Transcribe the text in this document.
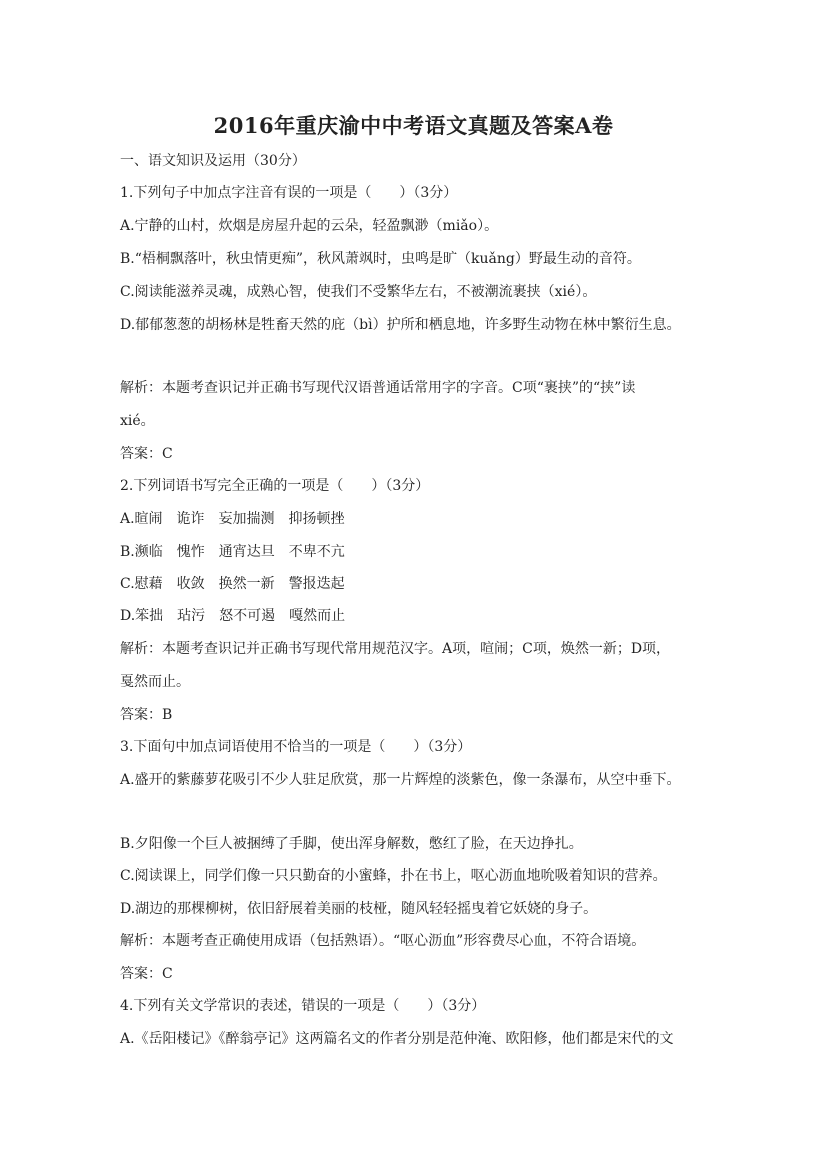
2016年重庆渝中中考语文真题及答案A卷
一、语文知识及运用（30分）
1.下列句子中加点字注音有误的一项是（　　）（3分）
A.宁静的山村，炊烟是房屋升起的云朵，轻盈飘渺（miǎo）。
B.“梧桐飘落叶，秋虫情更痴”，秋风萧飒时，虫鸣是旷（kuǎng）野最生动的音符。
C.阅读能滋养灵魂，成熟心智，使我们不受繁华左右，不被潮流裹挟（xié）。
D.郁郁葱葱的胡杨林是牲畜天然的庇（bì）护所和栖息地，许多野生动物在林中繁衍生息。
解析：本题考查识记并正确书写现代汉语普通话常用字的字音。C项“裹挟”的“挟”读
xié。
答案：C
2.下列词语书写完全正确的一项是（　　）（3分）
A.暄闹　诡诈　妄加揣测　抑扬顿挫
B.濒临　愧怍　通宵达旦　不卑不亢
C.慰藉　收敛　换然一新　警报迭起
D.笨拙　玷污　怒不可遏　嘎然而止
解析：本题考查识记并正确书写现代常用规范汉字。A项，喧闹；C项，焕然一新；D项，
戛然而止。
答案：B
3.下面句中加点词语使用不恰当的一项是（　　）（3分）
A.盛开的紫藤萝花吸引不少人驻足欣赏，那一片辉煌的淡紫色，像一条瀑布，从空中垂下。
B.夕阳像一个巨人被捆缚了手脚，使出浑身解数，憋红了脸，在天边挣扎。
C.阅读课上，同学们像一只只勤奋的小蜜蜂，扑在书上，呕心沥血地吮吸着知识的营养。
D.湖边的那棵柳树，依旧舒展着美丽的枝桠，随风轻轻摇曳着它妖娆的身子。
解析：本题考查正确使用成语（包括熟语）。“呕心沥血”形容费尽心血，不符合语境。
答案：C
4.下列有关文学常识的表述，错误的一项是（　　）（3分）
A.《岳阳楼记》《醉翁亭记》这两篇名文的作者分别是范仲淹、欧阳修，他们都是宋代的文
